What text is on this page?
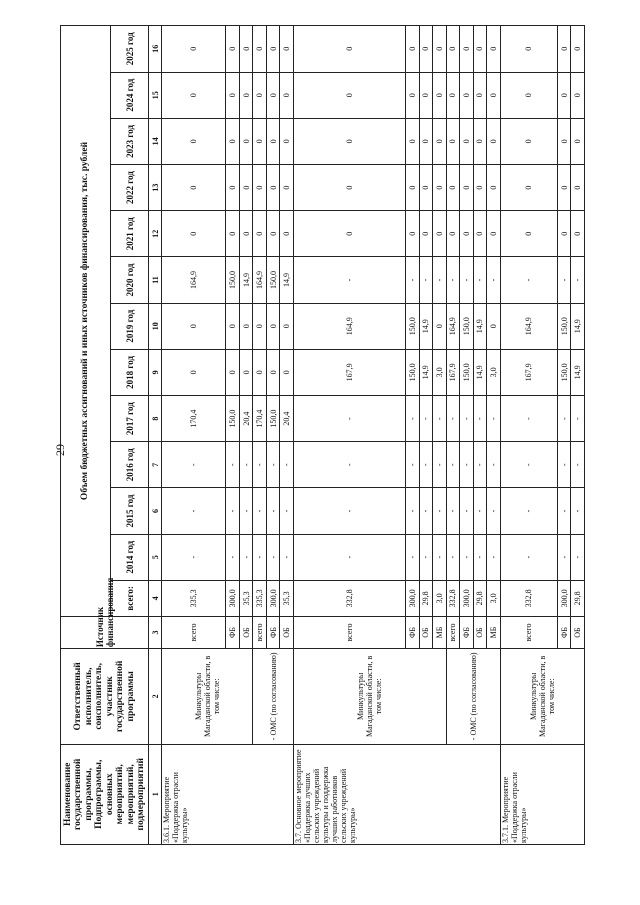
29
Наименование государственной программы, Подпрограммы, основных мероприятий, мероприятий, подмероприятий	Ответственный исполнитель, соисполнитель, участник государственной программы	Источник финансирования	Объем бюджетных ассигнований и иных источников финансирования, тыс. рублей												
			всего:	2014 год	2015 год	2016 год	2017 год	2018 год	2019 год	2020 год	2021 год	2022 год	2023 год	2024 год	2025 год
1	2	3	4	5	6	7	8	9	10	11	12	13	14	15	16
3.6.1. Мероприятие «Поддержка отрасли культуры»	Минкультуры Магаданской области, в том числе:	всего	335,3	-	-	-	170,4	0	0	164,9	0	0	0	0	0
		ФБ	300,0	-	-	-	150,0	0	0	150,0	0	0	0	0	0
		ОБ	35,3	-	-	-	20,4	0	0	14,9	0	0	0	0	0
	- ОМС (по согласованию)	всего	335,3	-	-	-	170,4	0	0	164,9	0	0	0	0	0
		ФБ	300,0	-	-	-	150,0	0	0	150,0	0	0	0	0	0
		ОБ	35,3	-	-	-	20,4	0	0	14,9	0	0	0	0	0
3.7. Основное мероприятие «Поддержка лучших сельских учреждений культуры и поддержка лучших работников сельских учреждений культуры»	Минкультуры Магаданской области, в том числе:	всего	332,8	-	-	-	-	167,9	164,9	-	0	0	0	0	0
		ФБ	300,0	-	-	-	-	150,0	150,0	-	0	0	0	0	0
		ОБ	29,8	-	-	-	-	14,9	14,9	-	0	0	0	0	0
		МБ	3,0	-	-	-	-	3,0	0	-	0	0	0	0	0
	- ОМС (по согласованию)	всего	332,8	-	-	-	-	167,9	164,9	-	0	0	0	0	0
		ФБ	300,0	-	-	-	-	150,0	150,0	-	0	0	0	0	0
		ОБ	29,8	-	-	-	-	14,9	14,9	-	0	0	0	0	0
		МБ	3,0	-	-	-	-	3,0	0	-	0	0	0	0	0
3.7.1. Мероприятие «Поддержка отрасли культуры»	Минкультуры Магаданской области, в том числе:	всего	332,8	-	-	-	-	167,9	164,9	-	0	0	0	0	0
		ФБ	300,0	-	-	-	-	150,0	150,0	-	0	0	0	0	0
		ОБ	29,8	-	-	-	-	14,9	14,9	-	0	0	0	0	0
